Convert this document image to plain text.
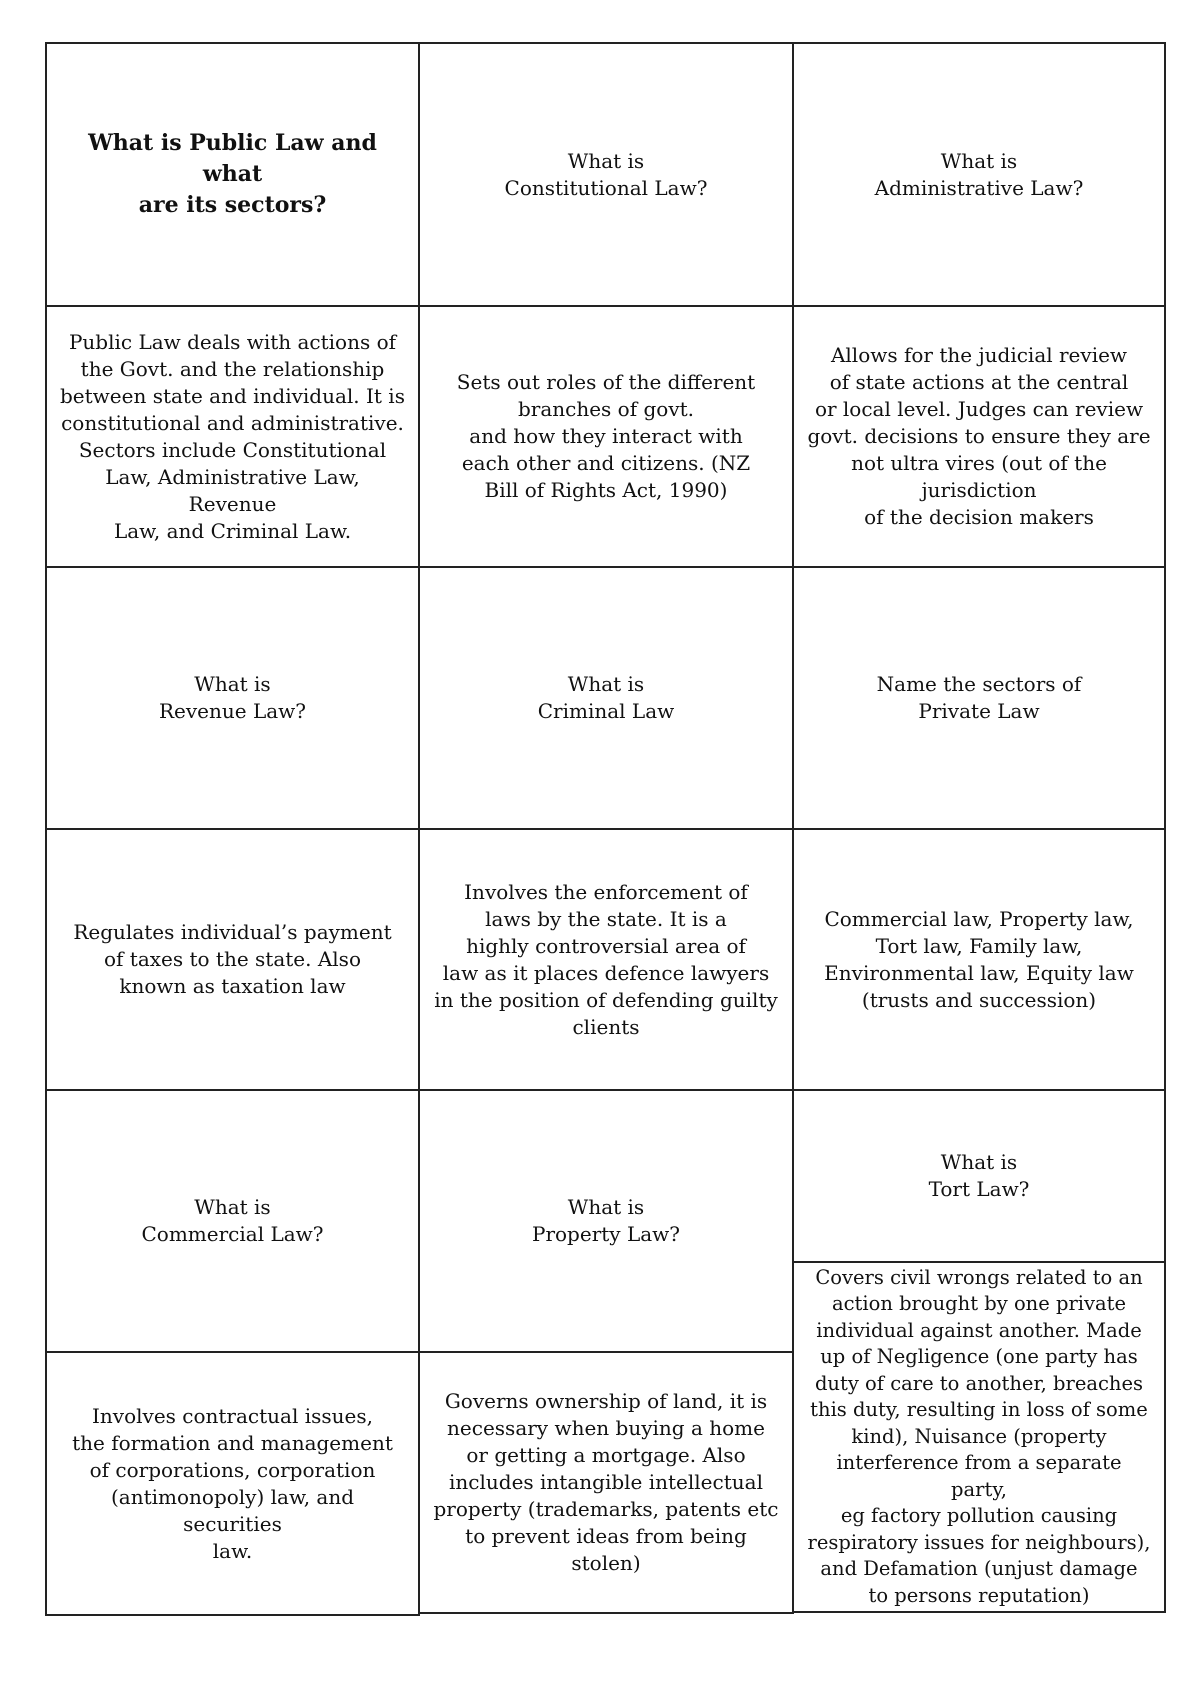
What is Public Law and what
are its sectors?
What is
Constitutional Law?
What is
Administrative Law?
Public Law deals with actions of
the Govt. and the relationship
between state and individual. It is
constitutional and administrative.
Sectors include Constitutional
Law, Administrative Law, Revenue
Law, and Criminal Law.
Sets out roles of the different
branches of govt.
and how they interact with
each other and citizens. (NZ
Bill of Rights Act, 1990)
Allows for the judicial review
of state actions at the central
or local level. Judges can review
govt. decisions to ensure they are
not ultra vires (out of the
jurisdiction
of the decision makers
What is
Revenue Law?
What is
Criminal Law
Name the sectors of
Private Law
Regulates individual’s payment
of taxes to the state. Also
known as taxation law
Involves the enforcement of
laws by the state. It is a
highly controversial area of
law as it places defence lawyers
in the position of defending guilty
clients
Commercial law, Property law,
Tort law, Family law,
Environmental law, Equity law
(trusts and succession)
What is
Commercial Law?
What is
Property Law?
What is
Tort Law?
Involves contractual issues,
the formation and management
of corporations, corporation
(antimonopoly) law, and securities
law.
Governs ownership of land, it is
necessary when buying a home
or getting a mortgage. Also
includes intangible intellectual
property (trademarks, patents etc
to prevent ideas from being stolen)
Covers civil wrongs related to an
action brought by one private
individual against another. Made
up of Negligence (one party has
duty of care to another, breaches
this duty, resulting in loss of some
kind), Nuisance (property
interference from a separate party,
eg factory pollution causing
respiratory issues for neighbours),
and Defamation (unjust damage
to persons reputation)
